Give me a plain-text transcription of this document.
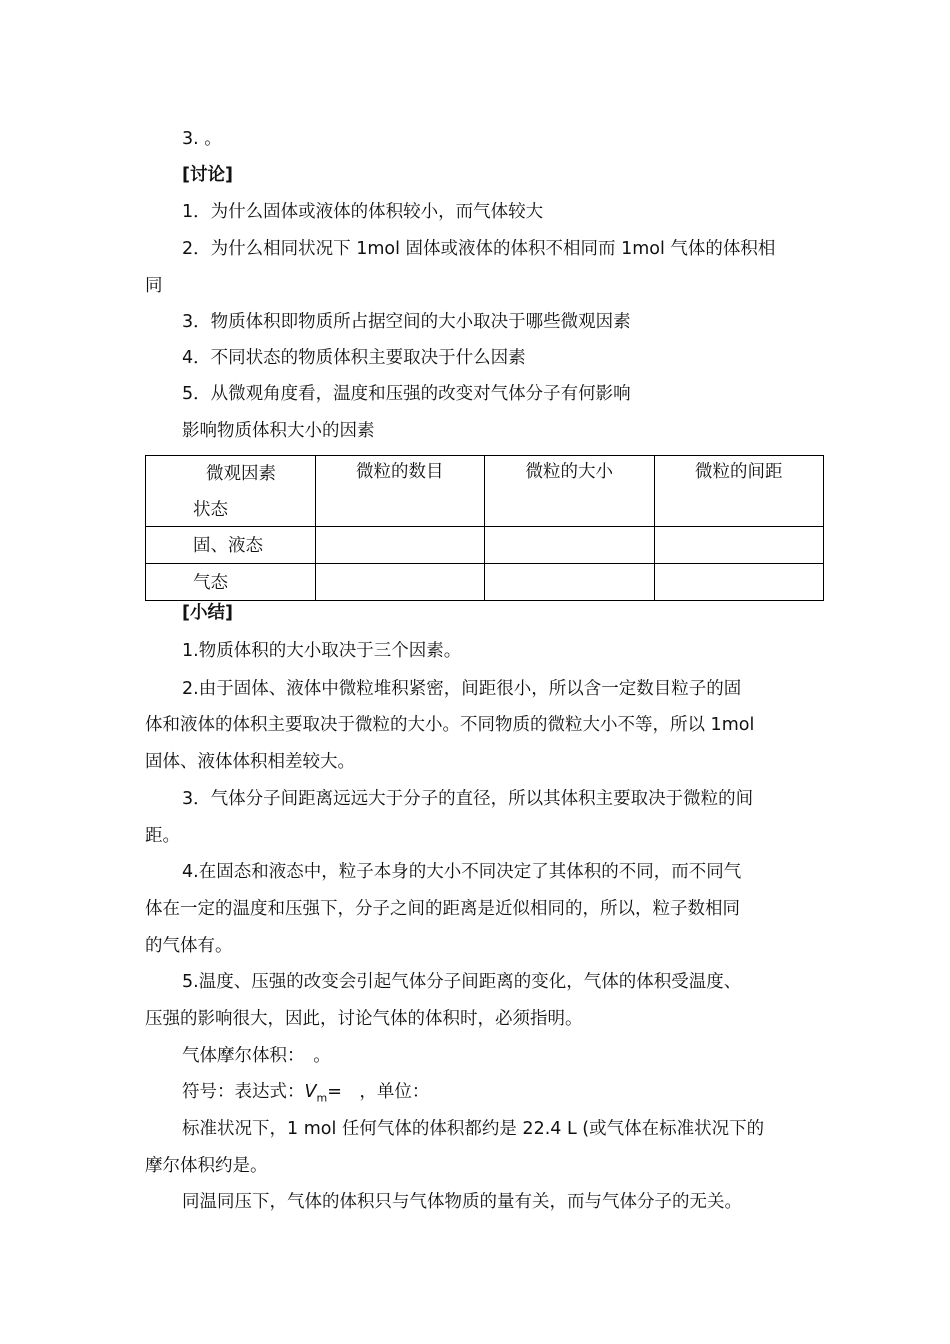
3. 。
[讨论]
1．为什么固体或液体的体积较小，而气体较大
2．为什么相同状况下 1mol 固体或液体的体积不相同而 1mol 气体的体积相
同
3．物质体积即物质所占据空间的大小取决于哪些微观因素
4．不同状态的物质体积主要取决于什么因素
5．从微观角度看，温度和压强的改变对气体分子有何影响
影响物质体积大小的因素
微观因素
状态	微粒的数目	微粒的大小	微粒的间距
固、液态			
气态			
[小结]
1.物质体积的大小取决于三个因素。
2.由于固体、液体中微粒堆积紧密，间距很小，所以含一定数目粒子的固
体和液体的体积主要取决于微粒的大小。不同物质的微粒大小不等，所以 1mol
固体、液体体积相差较大。
3．气体分子间距离远远大于分子的直径，所以其体积主要取决于微粒的间
距。
4.在固态和液态中，粒子本身的大小不同决定了其体积的不同，而不同气
体在一定的温度和压强下，分子之间的距离是近似相同的，所以，粒子数相同
的气体有。
5.温度、压强的改变会引起气体分子间距离的变化，气体的体积受温度、
压强的影响很大，因此，讨论气体的体积时，必须指明。
气体摩尔体积：　。
符号：表达式：$V_m=$　，单位：
标准状况下，1 mol 任何气体的体积都约是 22.4 L (或气体在标准状况下的
摩尔体积约是。
同温同压下，气体的体积只与气体物质的量有关，而与气体分子的无关。
